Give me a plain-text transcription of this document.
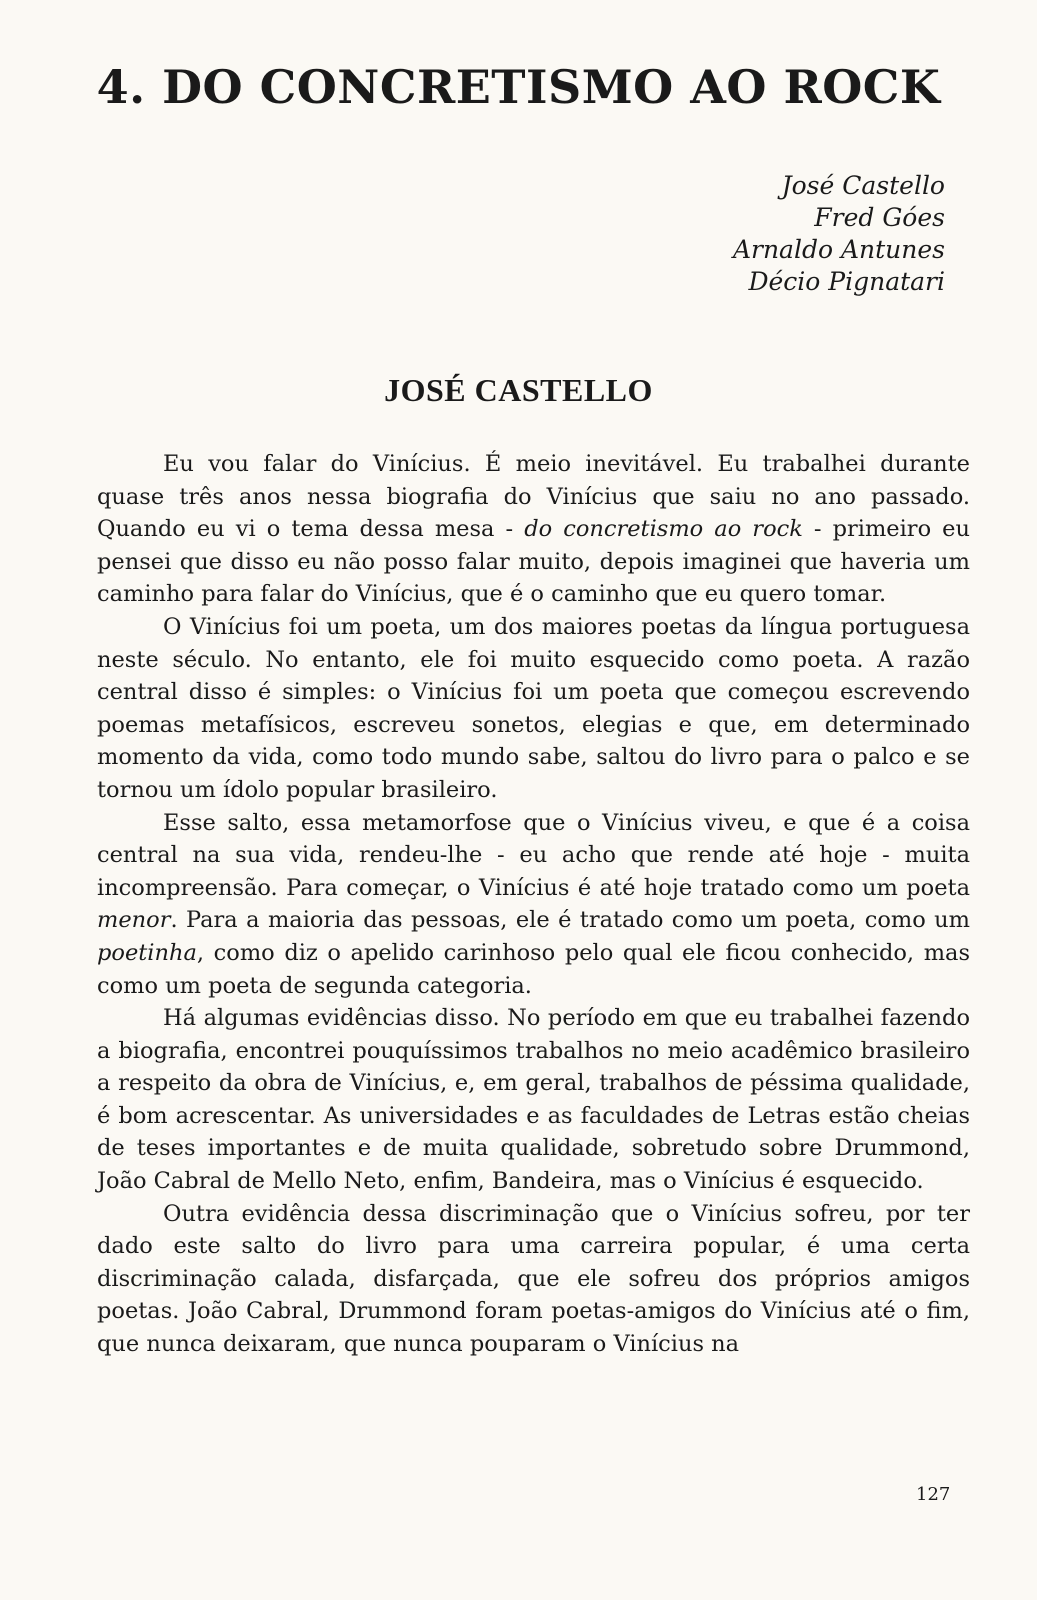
4. DO CONCRETISMO AO ROCK
José Castello
Fred Góes
Arnaldo Antunes
Décio Pignatari
JOSÉ CASTELLO

Eu vou falar do Vinícius. É meio inevitável. Eu trabalhei durante quase três anos nessa biografia do Vinícius que saiu no ano passado. Quando eu vi o tema dessa mesa - do concretismo ao rock - primeiro eu pensei que disso eu não posso falar muito, depois imaginei que haveria um caminho para falar do Vinícius, que é o caminho que eu quero tomar.

O Vinícius foi um poeta, um dos maiores poetas da língua portuguesa neste século. No entanto, ele foi muito esquecido como poeta. A razão central disso é simples: o Vinícius foi um poeta que começou escrevendo poemas metafísicos, escreveu sonetos, elegias e que, em determinado momento da vida, como todo mundo sabe, saltou do livro para o palco e se tornou um ídolo popular brasileiro.

Esse salto, essa metamorfose que o Vinícius viveu, e que é a coisa central na sua vida, rendeu-lhe - eu acho que rende até hoje - muita incompreensão. Para começar, o Vinícius é até hoje tratado como um poeta menor. Para a maioria das pessoas, ele é tratado como um poeta, como um poetinha, como diz o apelido carinhoso pelo qual ele ficou conhecido, mas como um poeta de segunda categoria.

Há algumas evidências disso. No período em que eu trabalhei fazendo a biografia, encontrei pouquíssimos trabalhos no meio acadêmico brasileiro a respeito da obra de Vinícius, e, em geral, trabalhos de péssima qualidade, é bom acrescentar. As universidades e as faculdades de Letras estão cheias de teses importantes e de muita qualidade, sobretudo sobre Drummond, João Cabral de Mello Neto, enfim, Bandeira, mas o Vinícius é esquecido.

Outra evidência dessa discriminação que o Vinícius sofreu, por ter dado este salto do livro para uma carreira popular, é uma certa discriminação calada, disfarçada, que ele sofreu dos próprios amigos poetas. João Cabral, Drummond foram poetas-amigos do Vinícius até o fim, que nunca deixaram, que nunca pouparam o Vinícius na

127
